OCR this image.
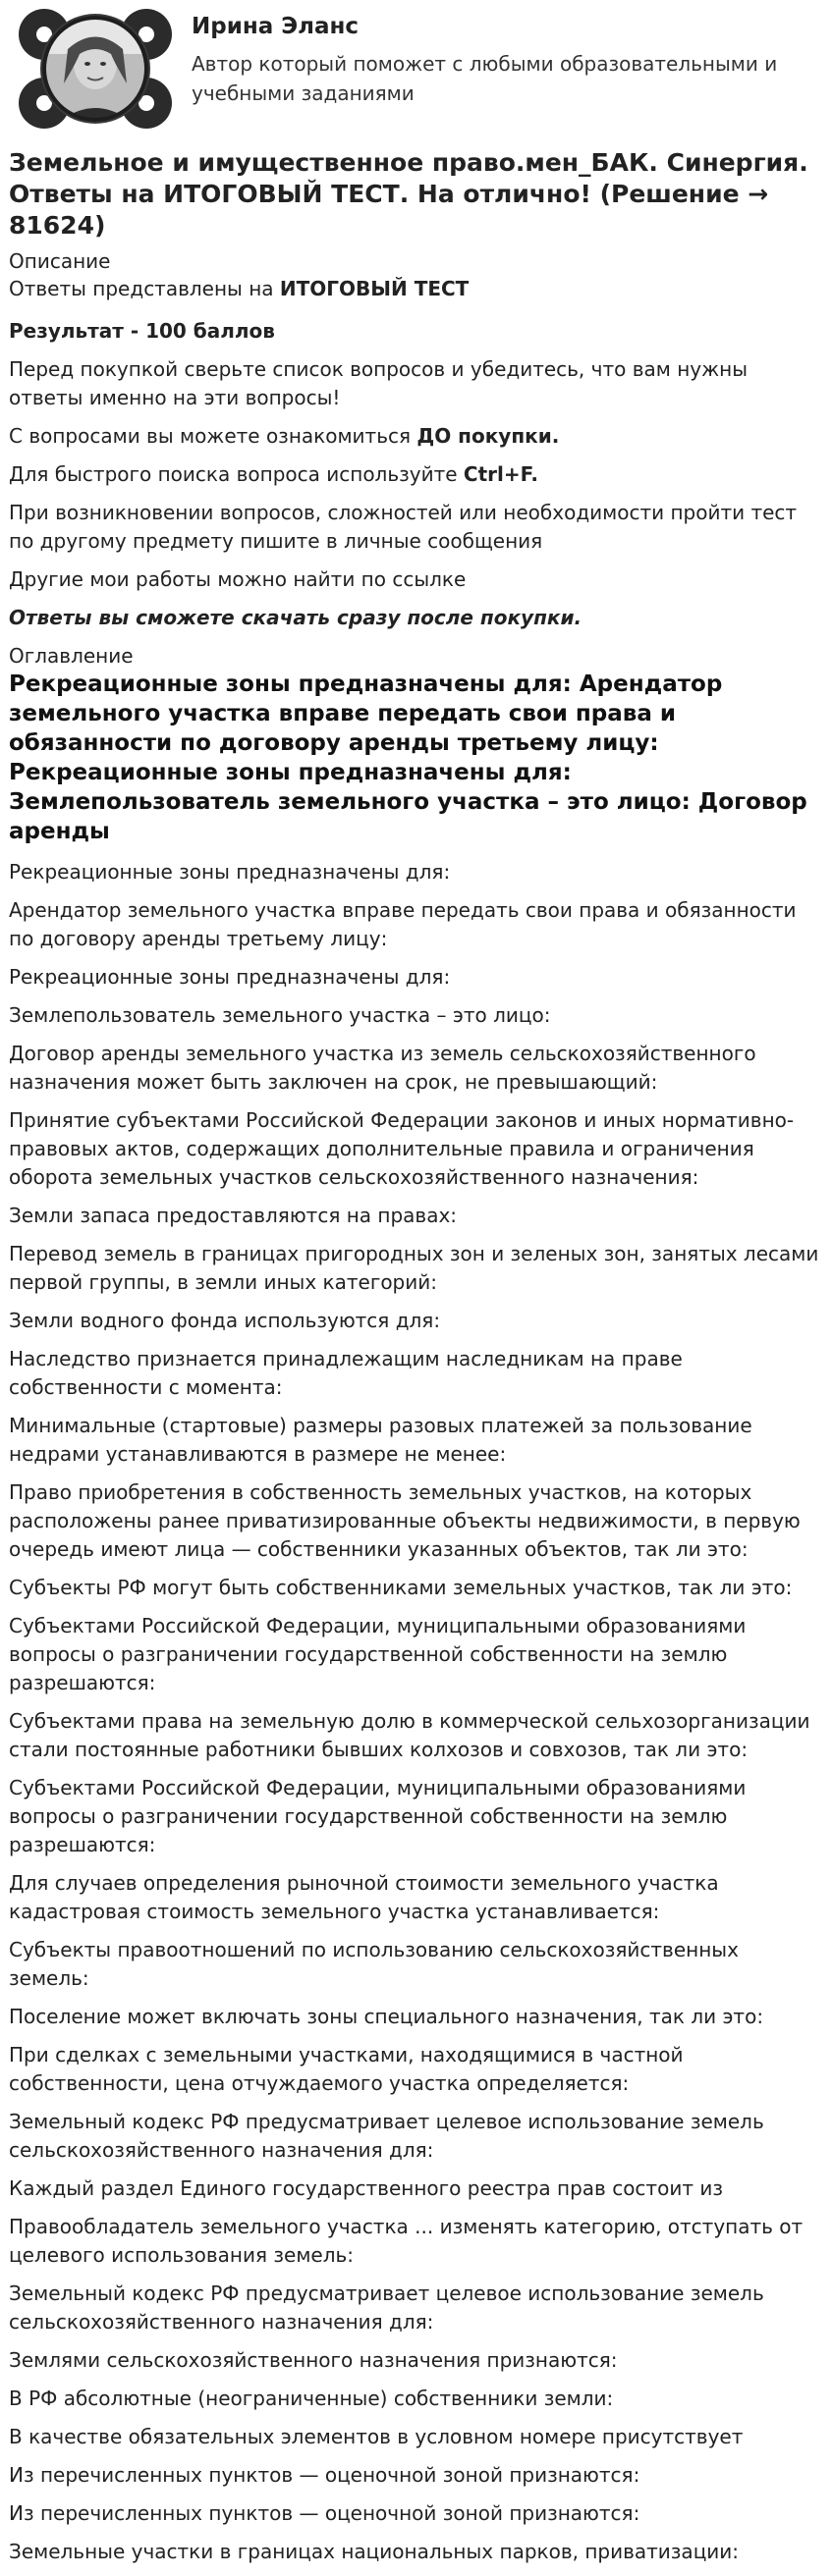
Ирина Эланс
Автор который поможет с любыми образовательными и учебными заданиями
Земельное и имущественное право.мен_БАК. Синергия. Ответы на ИТОГОВЫЙ ТЕСТ. На отлично! (Решение → 81624)
Описание

Ответы представлены на ИТОГОВЫЙ ТЕСТ

Результат - 100 баллов

Перед покупкой сверьте список вопросов и убедитесь, что вам нужны ответы именно на эти вопросы!

С вопросами вы можете ознакомиться ДО покупки.

Для быстрого поиска вопроса используйте Ctrl+F.

При возникновении вопросов, сложностей или необходимости пройти тест по другому предмету пишите в личные сообщения

Другие мои работы можно найти по ссылке

Ответы вы сможете скачать сразу после покупки.

Оглавление
Рекреационные зоны предназначены для: Арендатор земельного участка вправе передать свои права и обязанности по договору аренды третьему лицу: Рекреационные зоны предназначены для: Землепользователь земельного участка – это лицо: Договор аренды

Рекреационные зоны предназначены для:

Арендатор земельного участка вправе передать свои права и обязанности по договору аренды третьему лицу:

Рекреационные зоны предназначены для:

Землепользователь земельного участка – это лицо:

Договор аренды земельного участка из земель сельскохозяйственного назначения может быть заключен на срок, не превышающий:

Принятие субъектами Российской Федерации законов и иных нормативно-правовых актов, содержащих дополнительные правила и ограничения оборота земельных участков сельскохозяйственного назначения:

Земли запаса предоставляются на правах:

Перевод земель в границах пригородных зон и зеленых зон, занятых лесами первой группы, в земли иных категорий:

Земли водного фонда используются для:

Наследство признается принадлежащим наследникам на праве собственности с момента:

Минимальные (стартовые) размеры разовых платежей за пользование недрами устанавливаются в размере не менее:

Право приобретения в собственность земельных участков, на которых расположены ранее приватизированные объекты недвижимости, в первую очередь имеют лица — собственники указанных объектов, так ли это:

Субъекты РФ могут быть собственниками земельных участков, так ли это:

Субъектами Российской Федерации, муниципальными образованиями вопросы о разграничении государственной собственности на землю разрешаются:

Субъектами права на земельную долю в коммерческой сельхозорганизации стали постоянные работники бывших колхозов и совхозов, так ли это:

Субъектами Российской Федерации, муниципальными образованиями вопросы о разграничении государственной собственности на землю разрешаются:

Для случаев определения рыночной стоимости земельного участка кадастровая стоимость земельного участка устанавливается:

Субъекты правоотношений по использованию сельскохозяйственных земель:

Поселение может включать зоны специального назначения, так ли это:

При сделках с земельными участками, находящимися в частной собственности, цена отчуждаемого участка определяется:

Земельный кодекс РФ предусматривает целевое использование земель сельскохозяйственного назначения для:

Каждый раздел Единого государственного реестра прав состоит из

Правообладатель земельного участка ... изменять категорию, отступать от целевого использования земель:

Земельный кодекс РФ предусматривает целевое использование земель сельскохозяйственного назначения для:

Землями сельскохозяйственного назначения признаются:

В РФ абсолютные (неограниченные) собственники земли:

В качестве обязательных элементов в условном номере присутствует

Из перечисленных пунктов — оценочной зоной признаются:

Из перечисленных пунктов — оценочной зоной признаются:

Земельные участки в границах национальных парков, приватизации:
